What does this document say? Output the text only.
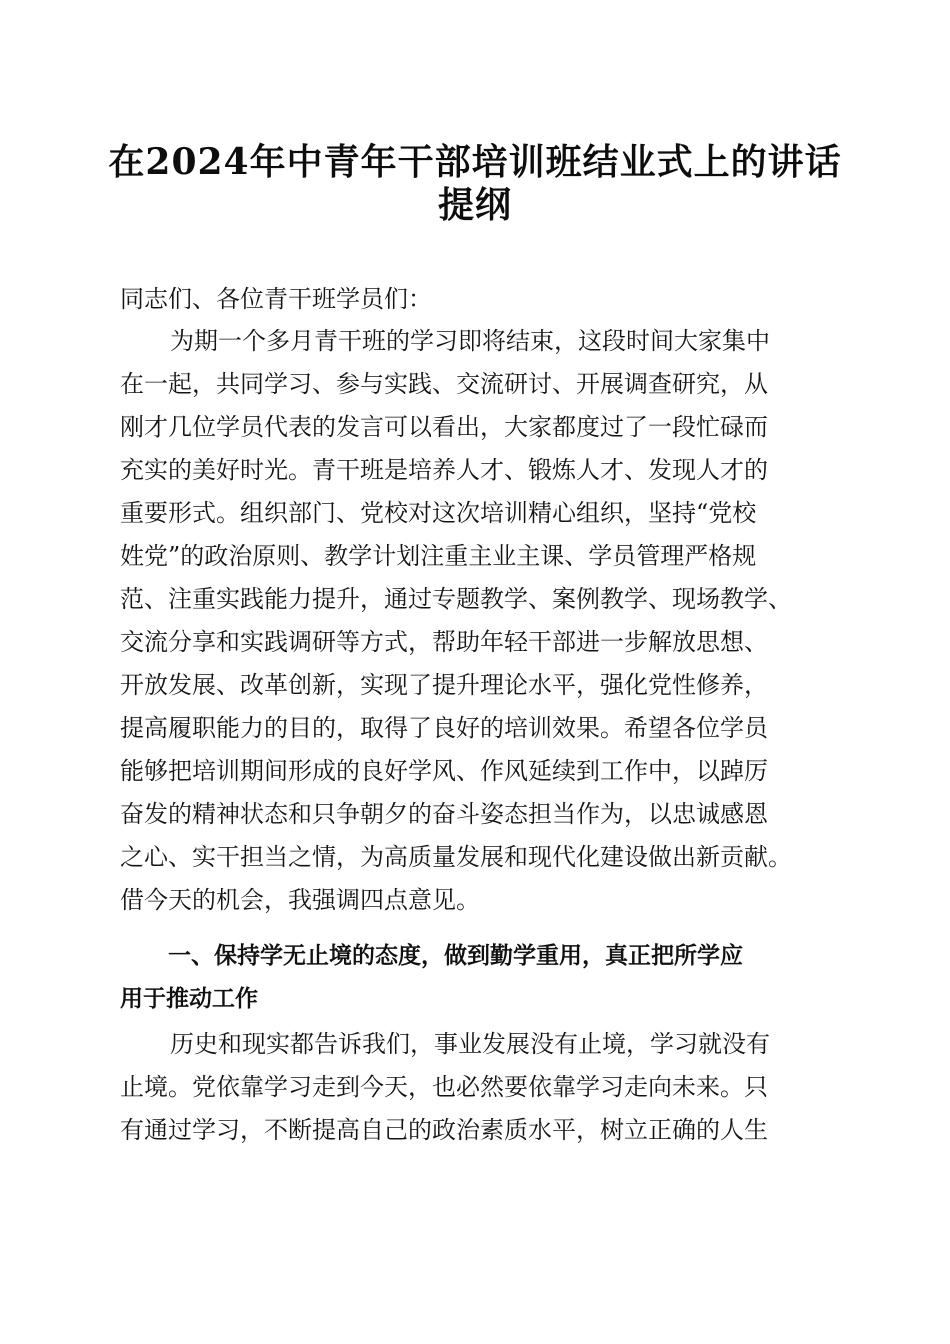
在2024年中青年干部培训班结业式上的讲话
提纲
同志们、各位青干班学员们：
为期一个多月青干班的学习即将结束，这段时间大家集中
在一起，共同学习、参与实践、交流研讨、开展调查研究，从
刚才几位学员代表的发言可以看出，大家都度过了一段忙碌而
充实的美好时光。青干班是培养人才、锻炼人才、发现人才的
重要形式。组织部门、党校对这次培训精心组织，坚持“党校
姓党”的政治原则、教学计划注重主业主课、学员管理严格规
范、注重实践能力提升，通过专题教学、案例教学、现场教学、
交流分享和实践调研等方式，帮助年轻干部进一步解放思想、
开放发展、改革创新，实现了提升理论水平，强化党性修养，
提高履职能力的目的，取得了良好的培训效果。希望各位学员
能够把培训期间形成的良好学风、作风延续到工作中，以踔厉
奋发的精神状态和只争朝夕的奋斗姿态担当作为，以忠诚感恩
之心、实干担当之情，为高质量发展和现代化建设做出新贡献。
借今天的机会，我强调四点意见。
一、保持学无止境的态度，做到勤学重用，真正把所学应
用于推动工作
历史和现实都告诉我们，事业发展没有止境，学习就没有
止境。党依靠学习走到今天，也必然要依靠学习走向未来。只
有通过学习，不断提高自己的政治素质水平，树立正确的人生
